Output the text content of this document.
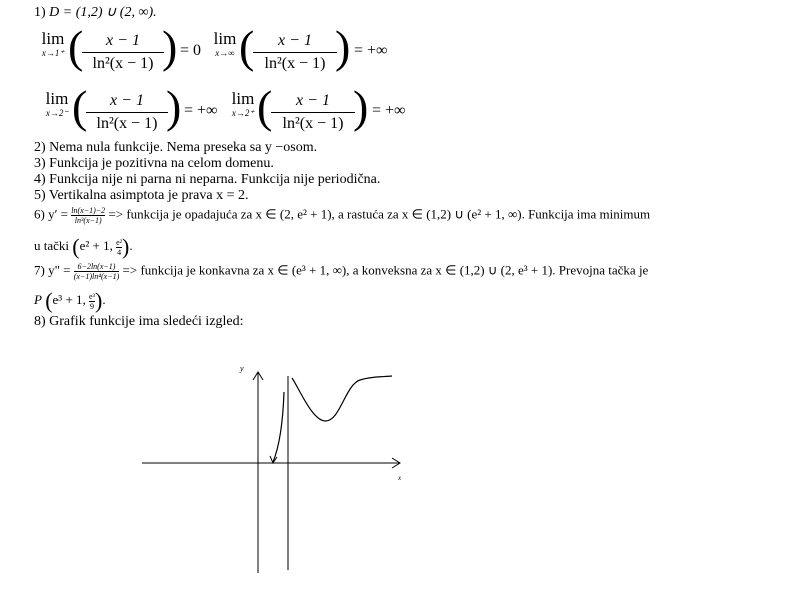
1) D = (1,2) ∪ (2, ∞).
lim
x→1⁺ (
$\frac{x - 1}{\text{ln²(x − 1)}}$
) = 0
lim
x→∞ (
$\frac{x - 1}{\text{ln²(x − 1)}}$
) = +∞
lim
x→2⁻ (
$\frac{x - 1}{\text{ln²(x − 1)}}$
) = +∞
lim
x→2⁺ (
$\frac{x - 1}{\text{ln²(x − 1)}}$
) = +∞
2) Nema nula funkcije. Nema preseka sa y −osom.
3) Funkcija je pozitivna na celom domenu.
4) Funkcija nije ni parna ni neparna. Funkcija nije periodična.
5) Vertikalna asimptota je prava x = 2.
6) $y' = \frac{\ln(x-1)-2}{\text{ln³(x−1)}}$ => funkcija je opadajuća za x ∈ (2, e² + 1), a rastuća za x ∈ (1,2) ∪ (e² + 1, ∞). Funkcija ima minimum
u tački (e² + 1, $\frac{\text{e²}}{4}$ ).
7) y" = $\frac{6-2\ln(x-1)}{\text{(x−1)ln⁴(x−1)}}$ => funkcija je konkavna za x ∈ (e³ + 1, ∞), a konveksna za x ∈ (1,2) ∪ (2, e³ + 1). Prevojna tačka je
P (e³ + 1, $\frac{\text{e³}}{9}$ ).
8) Grafik funkcije ima sledeći izgled:
y
x
